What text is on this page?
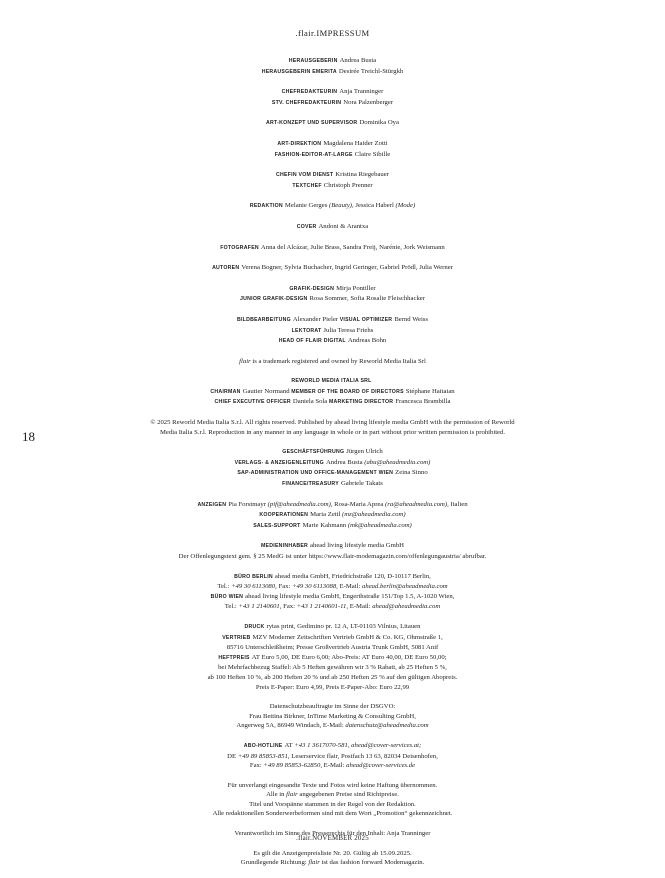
.flair.IMPRESSUM
18
HERAUSGEBERIN Andrea Busta
HERAUSGEBERIN EMERITA Desirée Treichl-Stürgkh
CHEFREDAKTEURIN Anja Tranninger
STV. CHEFREDAKTEURIN Nora Palzenberger
ART-KONZEPT UND SUPERVISOR Dominika Oya
ART-DIREKTION Magdalena Haider Zotti
FASHION-EDITOR-AT-LARGE Claire Sibille
CHEFIN VOM DIENST Kristina Riegebauer
TEXTCHEF Christoph Prenner
REDAKTION Melanie Gerges (Beauty), Jessica Haberl (Mode)
COVER Andoni & Arantxa
FOTOGRAFEN Anna del Alcázar, Julie Brass, Sandra Freij, Narénte, Jork Weismann
AUTOREN Verena Bogner, Sylvia Buchacher, Ingrid Geringer, Gabriel Prödl, Julia Werner
GRAFIK-DESIGN Mirja Pontiller
JUNIOR GRAFIK-DESIGN Rosa Sommer, Sofia Rosalie Fleischhacker
BILDBEARBEITUNG Alexander Pieler VISUAL OPTIMIZER Bernd Weiss
LEKTORAT Julia Teresa Friehs
HEAD OF FLAIR DIGITAL Andreas Bohn
flair is a trademark registered and owned by Reworld Media Italia Srl
REWORLD MEDIA ITALIA SRL
CHAIRMAN Gautier Normand MEMBER OF THE BOARD OF DIRECTORS Stéphane Haitaian
CHIEF EXECUTIVE OFFICER Daniela Sola MARKETING DIRECTOR Francesca Brambilla
© 2025 Reworld Media Italia S.r.l. All rights reserved. Published by ahead living lifestyle media GmbH with the permission of Reworld
Media Italia S.r.l. Reproduction in any manner in any language in whole or in part without prior written permission is prohibited.
GESCHÄFTSFÜHRUNG Jürgen Ulrich
VERLAGS- & ANZEIGENLEITUNG Andrea Busta (abu@aheadmedia.com)
SAP-ADMINISTRATION UND OFFICE-MANAGEMENT WIEN Zeina Sinno
FINANCE/TREASURY Gabriele Takats
ANZEIGEN Pia Forstmayr (pif@aheadmedia.com), Rosa-Maria Aprea (ra@aheadmedia.com), Italien
KOOPERATIONEN Maria Zettl (mz@aheadmedia.com)
SALES-SUPPORT Marie Kahmann (mk@aheadmedia.com)
MEDIENINHABER ahead living lifestyle media GmbH
Der Offenlegungstext gem. § 25 MedG ist unter https://www.flair-modemagazin.com/offenlegungaustria/ abrufbar.
BÜRO BERLIN ahead media GmbH, Friedrichstraße 120, D-10117 Berlin,
Tel.: +49 30 6113080, Fax: +49 30 6113088, E-Mail: ahead.berlin@aheadmedia.com
BÜRO WIEN ahead living lifestyle media GmbH, Engerthstraße 151/Top 1.5, A-1020 Wien,
Tel.: +43 1 2140601, Fax: +43 1 2140601-11, E-Mail: ahead@aheadmedia.com
DRUCK rytas print, Gedimino pr. 12 A, LT-01103 Vilnius, Litauen
VERTRIEB MZV Moderner Zeitschriften Vertrieb GmbH & Co. KG, Ohmstraße 1,
85716 Unterschleißheim; Presse Großvertrieb Austria Trunk GmbH, 5081 Anif
HEFTPREIS AT Euro 5,00, DE Euro 6,00; Abo-Preis: AT Euro 40,00, DE Euro 50,00;
bei Mehrfachbezug Staffel: Ab 5 Heften gewähren wir 3 % Rabatt, ab 25 Heften 5 %,
ab 100 Heften 10 %, ab 200 Heften 20 % und ab 250 Heften 25 % auf den gültigen Abopreis.
Preis E-Paper: Euro 4,99, Preis E-Paper-Abo: Euro 22,99
Datenschutzbeauftragte im Sinne der DSGVO:
Frau Bettina Birkner, InTime Marketing & Consulting GmbH,
Angerweg 5A, 86949 Windach, E-Mail: datenschutz@aheadmedia.com
ABO-HOTLINE AT +43 1 3617070-581, ahead@cover-services.at;
DE +49 89 85853-851, Leserservice flair, Postfach 13 63, 82034 Deisenhofen,
Fax: +49 89 85853-62850, E-Mail: ahead@cover-services.de
Für unverlangt eingesandte Texte und Fotos wird keine Haftung übernommen.
Alle in flair angegebenen Preise sind Richtpreise.
Titel und Vorspänne stammen in der Regel von der Redaktion.
Alle redaktionellen Sonderwerbeformen sind mit dem Wort „Promotion“ gekennzeichnet.
Verantwortlich im Sinne des Presserechts für den Inhalt: Anja Tranninger
Es gilt die Anzeigenpreisliste Nr. 20. Gültig ab 15.09.2025.
Grundlegende Richtung: flair ist das fashion forward Modemagazin.
.flair.NOVEMBER 2025
